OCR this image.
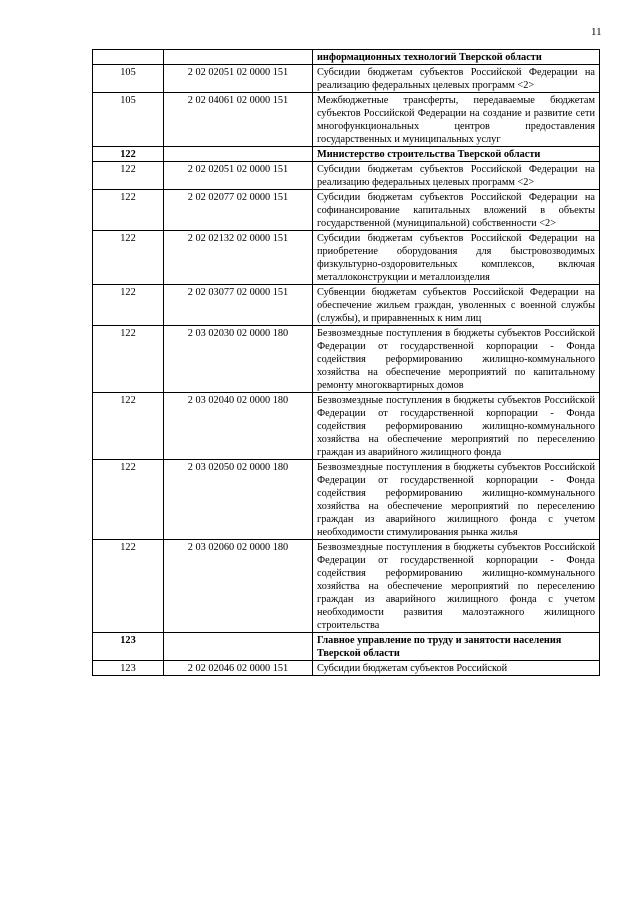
11
		информационных технологий Тверской области
105	2 02 02051 02 0000 151	Субсидии бюджетам субъектов Российской Федерации на реализацию федеральных целевых программ <2>
105	2 02 04061 02 0000 151	Межбюджетные трансферты, передаваемые бюджетам субъектов Российской Федерации на создание и развитие сети многофункциональных центров предоставления государственных и муниципальных услуг
122		Министерство строительства Тверской области
122	2 02 02051 02 0000 151	Субсидии бюджетам субъектов Российской Федерации на реализацию федеральных целевых программ <2>
122	2 02 02077 02 0000 151	Субсидии бюджетам субъектов Российской Федерации на софинансирование капитальных вложений в объекты государственной (муниципальной) собственности <2>
122	2 02 02132 02 0000 151	Субсидии бюджетам субъектов Российской Федерации на приобретение оборудования для быстровозводимых физкультурно-оздоровительных комплексов, включая металлоконструкции и металлоизделия
122	2 02 03077 02 0000 151	Субвенции бюджетам субъектов Российской Федерации на обеспечение жильем граждан, уволенных с военной службы (службы), и приравненных к ним лиц
122	2 03 02030 02 0000 180	Безвозмездные поступления в бюджеты субъектов Российской Федерации от государственной корпорации - Фонда содействия реформированию жилищно-коммунального хозяйства на обеспечение мероприятий по капитальному ремонту многоквартирных домов
122	2 03 02040 02 0000 180	Безвозмездные поступления в бюджеты субъектов Российской Федерации от государственной корпорации - Фонда содействия реформированию жилищно-коммунального хозяйства на обеспечение мероприятий по переселению граждан из аварийного жилищного фонда
122	2 03 02050 02 0000 180	Безвозмездные поступления в бюджеты субъектов Российской Федерации от государственной корпорации - Фонда содействия реформированию жилищно-коммунального хозяйства на обеспечение мероприятий по переселению граждан из аварийного жилищного фонда с учетом необходимости стимулирования рынка жилья
122	2 03 02060 02 0000 180	Безвозмездные поступления в бюджеты субъектов Российской Федерации от государственной корпорации - Фонда содействия реформированию жилищно-коммунального хозяйства на обеспечение мероприятий по переселению граждан из аварийного жилищного фонда с учетом необходимости развития малоэтажного жилищного строительства
123		Главное управление по труду и занятости населения Тверской области
123	2 02 02046 02 0000 151	Субсидии бюджетам субъектов Российской
